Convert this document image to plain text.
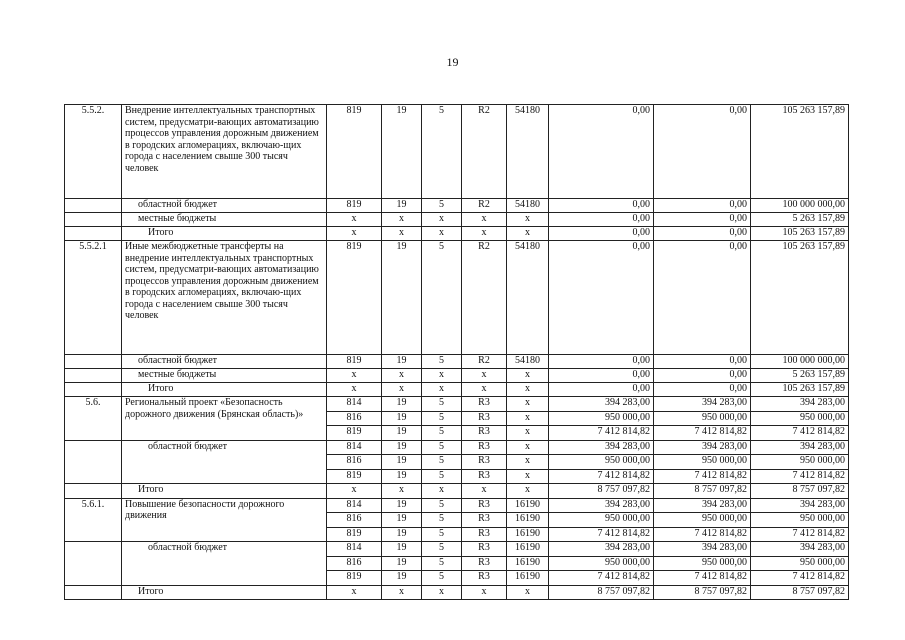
19
5.5.2.	Внедрение интеллектуальных транспортных систем, предусматри-вающих автоматизацию процессов управления дорожным движением в городских агломерациях, включаю-щих города с населением свыше 300 тысяч человек	819	19	5	R2	54180	0,00	0,00	105 263 157,89
	областной бюджет	819	19	5	R2	54180	0,00	0,00	100 000 000,00
	местные бюджеты	x	x	x	x	x	0,00	0,00	5 263 157,89
	Итого	x	x	x	x	x	0,00	0,00	105 263 157,89
5.5.2.1	Иные межбюджетные трансферты на внедрение интеллектуальных транспортных систем, предусматри-вающих автоматизацию процессов управления дорожным движением в городских агломерациях, включаю-щих города с населением свыше 300 тысяч человек	819	19	5	R2	54180	0,00	0,00	105 263 157,89
	областной бюджет	819	19	5	R2	54180	0,00	0,00	100 000 000,00
	местные бюджеты	x	x	x	x	x	0,00	0,00	5 263 157,89
	Итого	x	x	x	x	x	0,00	0,00	105 263 157,89
5.6.	Региональный проект «Безопасность дорожного движения (Брянская область)»	814	19	5	R3	x	394 283,00	394 283,00	394 283,00
		816	19	5	R3	x	950 000,00	950 000,00	950 000,00
		819	19	5	R3	x	7 412 814,82	7 412 814,82	7 412 814,82
	областной бюджет	814	19	5	R3	x	394 283,00	394 283,00	394 283,00
		816	19	5	R3	x	950 000,00	950 000,00	950 000,00
		819	19	5	R3	x	7 412 814,82	7 412 814,82	7 412 814,82
	Итого	x	x	x	x	x	8 757 097,82	8 757 097,82	8 757 097,82
5.6.1.	Повышение безопасности дорожного движения	814	19	5	R3	16190	394 283,00	394 283,00	394 283,00
		816	19	5	R3	16190	950 000,00	950 000,00	950 000,00
		819	19	5	R3	16190	7 412 814,82	7 412 814,82	7 412 814,82
	областной бюджет	814	19	5	R3	16190	394 283,00	394 283,00	394 283,00
		816	19	5	R3	16190	950 000,00	950 000,00	950 000,00
		819	19	5	R3	16190	7 412 814,82	7 412 814,82	7 412 814,82
	Итого	x	x	x	x	x	8 757 097,82	8 757 097,82	8 757 097,82
